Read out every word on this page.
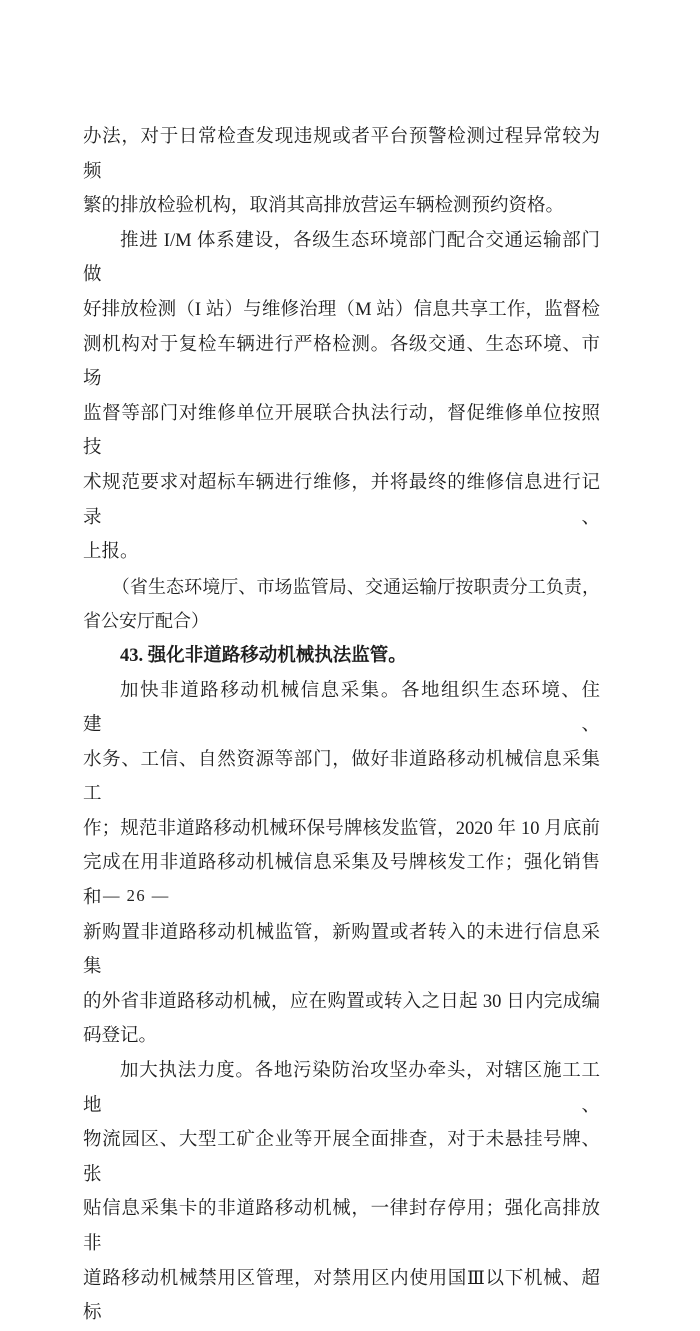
办法，对于日常检查发现违规或者平台预警检测过程异常较为频
繁的排放检验机构，取消其高排放营运车辆检测预约资格。
推进 I/M 体系建设，各级生态环境部门配合交通运输部门做
好排放检测（I 站）与维修治理（M 站）信息共享工作，监督检
测机构对于复检车辆进行严格检测。各级交通、生态环境、市场
监督等部门对维修单位开展联合执法行动，督促维修单位按照技
术规范要求对超标车辆进行维修，并将最终的维修信息进行记录、
上报。
（省生态环境厅、市场监管局、交通运输厅按职责分工负责，
省公安厅配合）
43. 强化非道路移动机械执法监管。
加快非道路移动机械信息采集。各地组织生态环境、住建、
水务、工信、自然资源等部门，做好非道路移动机械信息采集工
作；规范非道路移动机械环保号牌核发监管，2020 年 10 月底前
完成在用非道路移动机械信息采集及号牌核发工作；强化销售和
新购置非道路移动机械监管，新购置或者转入的未进行信息采集
的外省非道路移动机械，应在购置或转入之日起 30 日内完成编
码登记。
加大执法力度。各地污染防治攻坚办牵头，对辖区施工工地、
物流园区、大型工矿企业等开展全面排查，对于未悬挂号牌、张
贴信息采集卡的非道路移动机械，一律封存停用；强化高排放非
道路移动机械禁用区管理，对禁用区内使用国Ⅲ以下机械、超标
— 26 —
